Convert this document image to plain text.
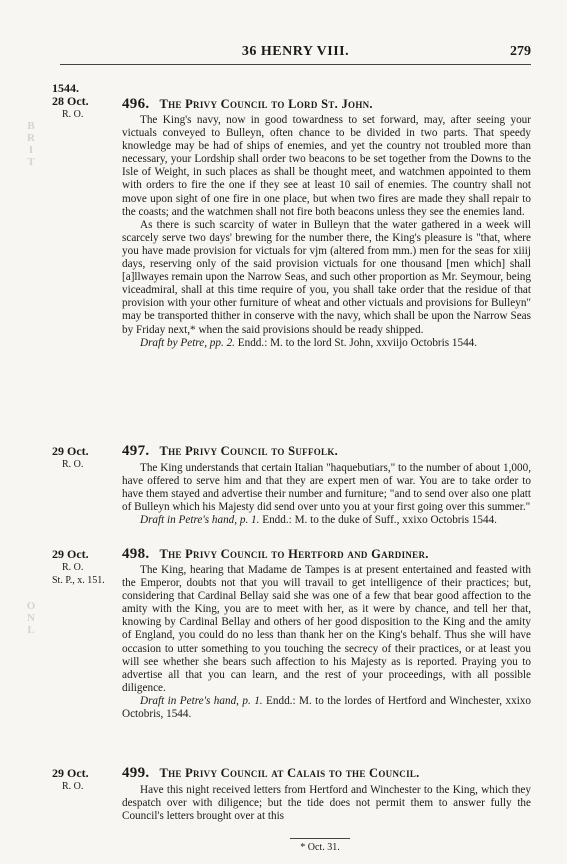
36 HENRY VIII.	279
B
R
I
T
O
N
L
1544.
28 Oct.
R. O.
496. The Privy Council to Lord St. John.

The King's navy, now in good towardness to set forward, may, after seeing your victuals conveyed to Bulleyn, often chance to be divided in two parts. That speedy knowledge may be had of ships of enemies, and yet the country not troubled more than necessary, your Lordship shall order two beacons to be set together from the Downs to the Isle of Weight, in such places as shall be thought meet, and watchmen appointed to them with orders to fire the one if they see at least 10 sail of enemies. The country shall not move upon sight of one fire in one place, but when two fires are made they shall repair to the coasts; and the watchmen shall not fire both beacons unless they see the enemies land.

As there is such scarcity of water in Bulleyn that the water gathered in a week will scarcely serve two days' brewing for the number there, the King's pleasure is "that, where you have made provision for victuals for vjm (altered from mm.) men for the seas for xiiij days, reserving only of the said provision victuals for one thousand [men which] shall [a]llwayes remain upon the Narrow Seas, and such other proportion as Mr. Seymour, being viceadmiral, shall at this time require of you, you shall take order that the residue of that provision with your other furniture of wheat and other victuals and provisions for Bulleyn" may be transported thither in conserve with the navy, which shall be upon the Narrow Seas by Friday next,* when the said provisions should be ready shipped.

Draft by Petre, pp. 2. Endd.: M. to the lord St. John, xxviijo Octobris 1544.

29 Oct.
R. O.
497. The Privy Council to Suffolk.

The King understands that certain Italian "haquebutiars," to the number of about 1,000, have offered to serve him and that they are expert men of war. You are to take order to have them stayed and advertise their number and furniture; "and to send over also one platt of Bulleyn which his Majesty did send over unto you at your first going over this summer."

Draft in Petre's hand, p. 1. Endd.: M. to the duke of Suff., xxixo Octobris 1544.

29 Oct.
R. O.
St. P., x. 151.
498. The Privy Council to Hertford and Gardiner.

The King, hearing that Madame de Tampes is at present entertained and feasted with the Emperor, doubts not that you will travail to get intelligence of their practices; but, considering that Cardinal Bellay said she was one of a few that bear good affection to the amity with the King, you are to meet with her, as it were by chance, and tell her that, knowing by Cardinal Bellay and others of her good disposition to the King and the amity of England, you could do no less than thank her on the King's behalf. Thus she will have occasion to utter something to you touching the secrecy of their practices, or at least you will see whether she bears such affection to his Majesty as is reported. Praying you to advertise all that you can learn, and the rest of your proceedings, with all possible diligence.

Draft in Petre's hand, p. 1. Endd.: M. to the lordes of Hertford and Winchester, xxixo Octobris, 1544.

29 Oct.
R. O.
499. The Privy Council at Calais to the Council.

Have this night received letters from Hertford and Winchester to the King, which they despatch over with diligence; but the tide does not permit them to answer fully the Council's letters brought over at this

* Oct. 31.
